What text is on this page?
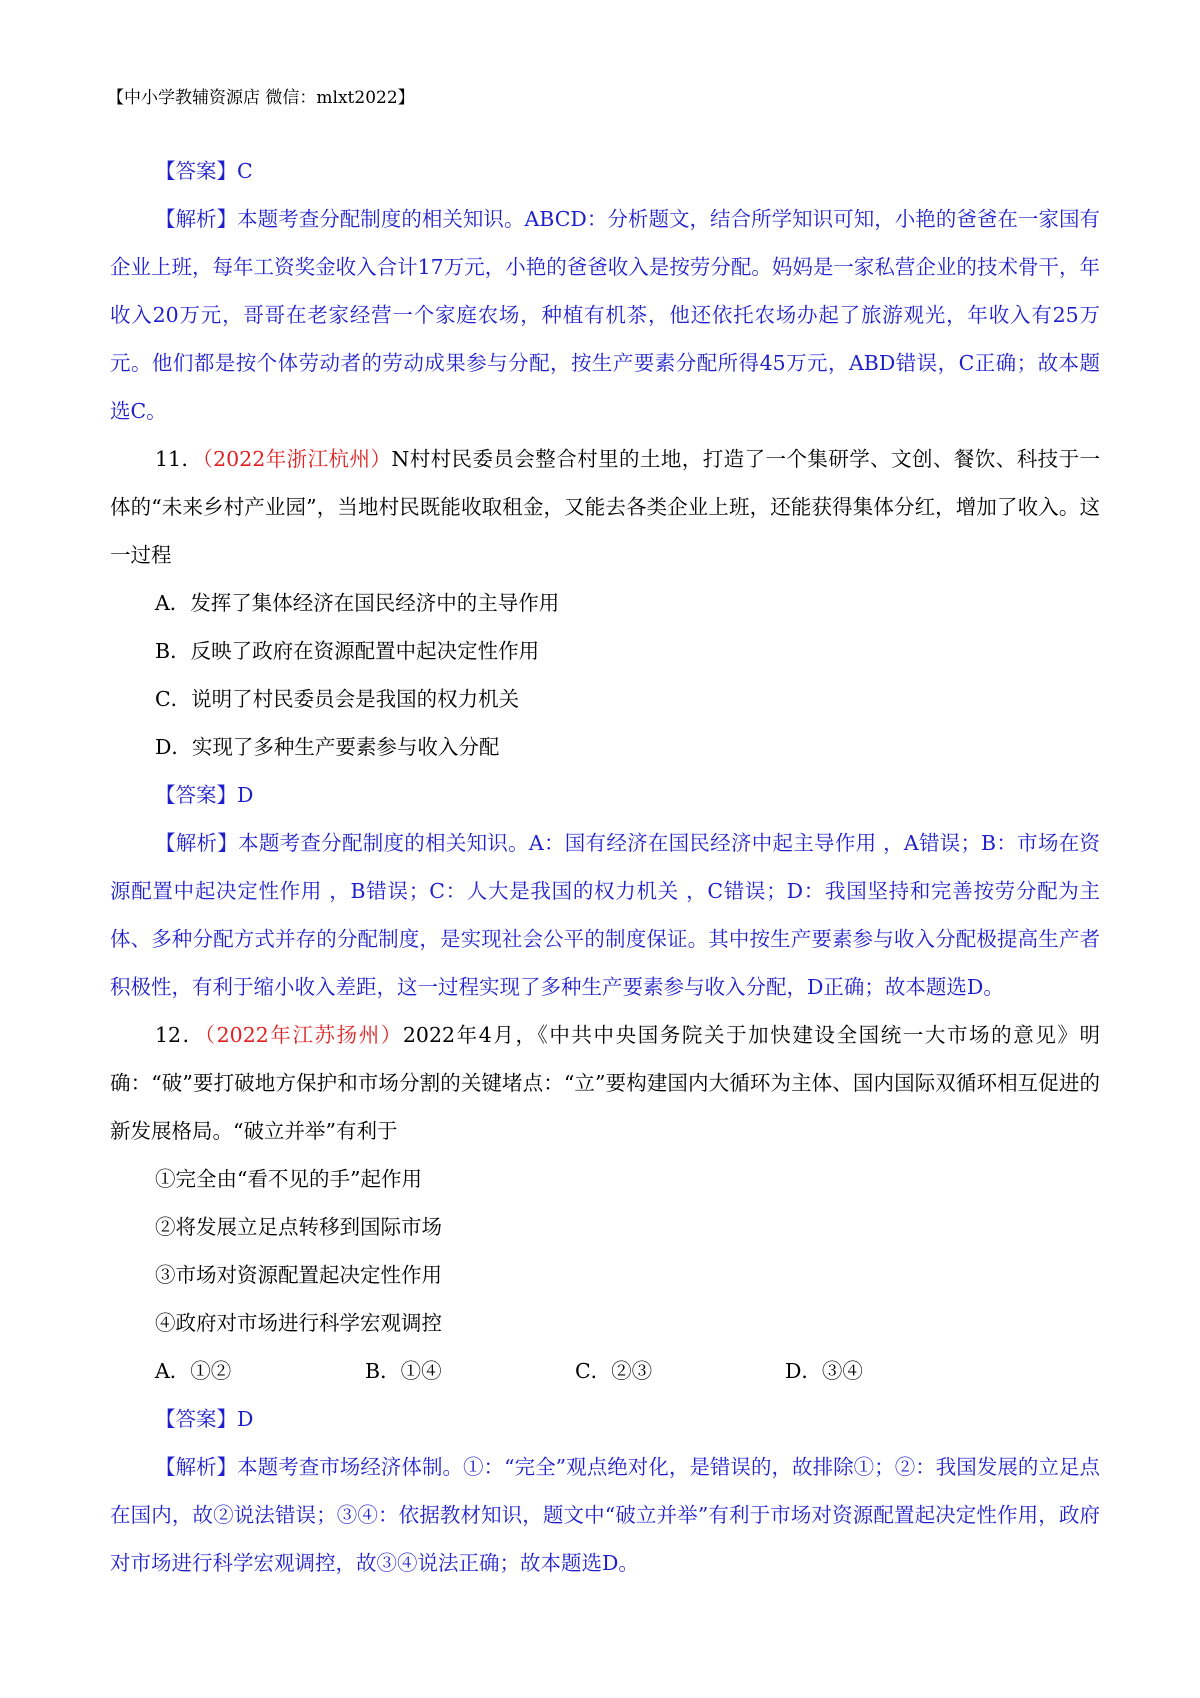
【中小学教辅资源店 微信：mlxt2022】

【答案】C

【解析】本题考查分配制度的相关知识。ABCD：分析题文，结合所学知识可知，小艳的爸爸在一家国有企业上班，每年工资奖金收入合计17万元，小艳的爸爸收入是按劳分配。妈妈是一家私营企业的技术骨干，年收入20万元，哥哥在老家经营一个家庭农场，种植有机茶，他还依托农场办起了旅游观光，年收入有25万元。他们都是按个体劳动者的劳动成果参与分配，按生产要素分配所得45万元，ABD错误，C正确；故本题选C。

11．（2022年浙江杭州）N村村民委员会整合村里的土地，打造了一个集研学、文创、餐饮、科技于一体的“未来乡村产业园”，当地村民既能收取租金，又能去各类企业上班，还能获得集体分红，增加了收入。这一过程

A．发挥了集体经济在国民经济中的主导作用

B．反映了政府在资源配置中起决定性作用

C．说明了村民委员会是我国的权力机关

D．实现了多种生产要素参与收入分配

【答案】D

【解析】本题考查分配制度的相关知识。A：国有经济在国民经济中起主导作用 ，A错误；B：市场在资源配置中起决定性作用 ，B错误；C：人大是我国的权力机关 ，C错误；D：我国坚持和完善按劳分配为主体、多种分配方式并存的分配制度，是实现社会公平的制度保证。其中按生产要素参与收入分配极提高生产者积极性，有利于缩小收入差距，这一过程实现了多种生产要素参与收入分配，D正确；故本题选D。

12．（2022年江苏扬州）2022年4月，《中共中央国务院关于加快建设全国统一大市场的意见》明确：“破”要打破地方保护和市场分割的关键堵点：“立”要构建国内大循环为主体、国内国际双循环相互促进的新发展格局。“破立并举”有利于

①完全由“看不见的手”起作用

②将发展立足点转移到国际市场

③市场对资源配置起决定性作用

④政府对市场进行科学宏观调控

A．①②	B．①④	C．②③	D．③④

【答案】D

【解析】本题考查市场经济体制。①：“完全”观点绝对化，是错误的，故排除①；②：我国发展的立足点在国内，故②说法错误；③④：依据教材知识，题文中“破立并举”有利于市场对资源配置起决定性作用，政府对市场进行科学宏观调控，故③④说法正确；故本题选D。
